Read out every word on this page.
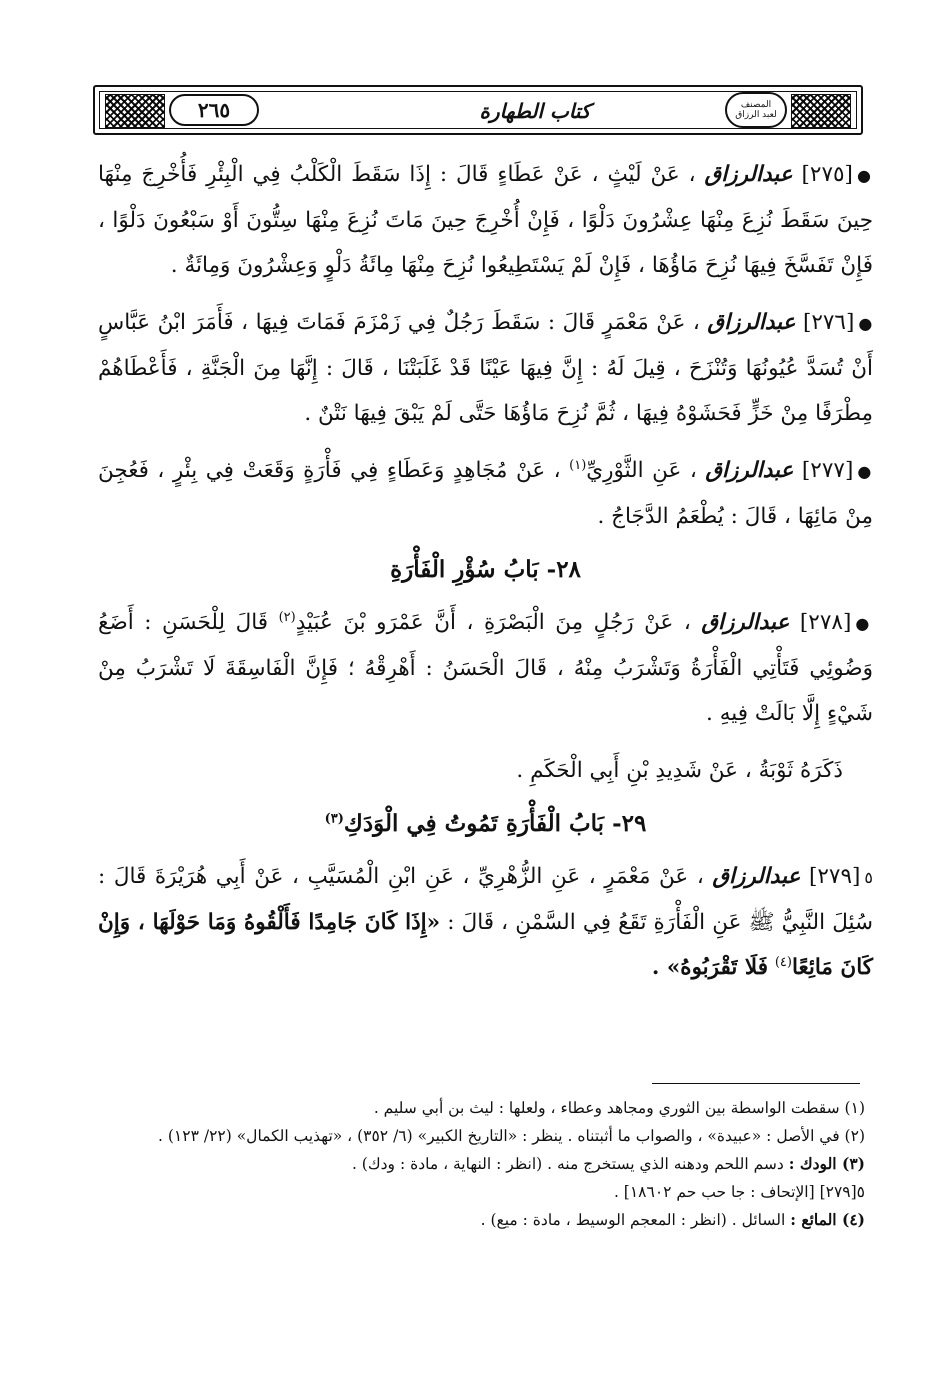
٢٦٥	كتاب الطهارة	المصنف
لعبد الرزاق

●[٢٧٥] عبدالرزاق ، عَنْ لَيْثٍ ، عَنْ عَطَاءٍ قَالَ : إِذَا سَقَطَ الْكَلْبُ فِي الْبِئْرِ فَأُخْرِجَ مِنْهَا حِينَ سَقَطَ نُزِعَ مِنْهَا عِشْرُونَ دَلْوًا ، فَإِنْ أُخْرِجَ حِينَ مَاتَ نُزِعَ مِنْهَا سِتُّونَ أَوْ سَبْعُونَ دَلْوًا ، فَإِنْ تَفَسَّخَ فِيهَا نُزِحَ مَاؤُهَا ، فَإِنْ لَمْ يَسْتَطِيعُوا نُزِحَ مِنْهَا مِائَةُ دَلْوٍ وَعِشْرُونَ وَمِائَةٌ .

●[٢٧٦] عبدالرزاق ، عَنْ مَعْمَرٍ قَالَ : سَقَطَ رَجُلٌ فِي زَمْزَمَ فَمَاتَ فِيهَا ، فَأَمَرَ ابْنُ عَبَّاسٍ أَنْ تُسَدَّ عُيُونُهَا وَتُنْزَحَ ، قِيلَ لَهُ : إِنَّ فِيهَا عَيْنًا قَدْ غَلَبَتْنَا ، قَالَ : إِنَّهَا مِنَ الْجَنَّةِ ، فَأَعْطَاهُمْ مِطْرَفًا مِنْ خَزٍّ فَحَشَوْهُ فِيهَا ، ثُمَّ نُزِحَ مَاؤُهَا حَتَّى لَمْ يَبْقَ فِيهَا نَتْنٌ .

●[٢٧٧] عبدالرزاق ، عَنِ الثَّوْرِيِّ$^{(١)}$ ، عَنْ مُجَاهِدٍ وَعَطَاءٍ فِي فَأْرَةٍ وَقَعَتْ فِي بِئْرٍ ، فَعُجِنَ مِنْ مَائِهَا ، قَالَ : يُطْعَمُ الدَّجَاجُ .

٢٨- بَابُ سُؤْرِ الْفَأْرَةِ

●[٢٧٨] عبدالرزاق ، عَنْ رَجُلٍ مِنَ الْبَصْرَةِ ، أَنَّ عَمْرَو بْنَ عُبَيْدٍ$^{(٢)}$ قَالَ لِلْحَسَنِ : أَضَعُ وَضُوئِي فَتَأْتِي الْفَأْرَةُ وَتَشْرَبُ مِنْهُ ، قَالَ الْحَسَنُ : أَهْرِقْهُ ؛ فَإِنَّ الْفَاسِقَةَ لَا تَشْرَبُ مِنْ شَيْءٍ إِلَّا بَالَتْ فِيهِ .

ذَكَرَهُ ثَوْبَةُ ، عَنْ شَدِيدِ بْنِ أَبِي الْحَكَمِ .

٢٩- بَابُ الْفَأْرَةِ تَمُوتُ فِي الْوَدَكِ$^{(٣)}$

٥[٢٧٩] عبدالرزاق ، عَنْ مَعْمَرٍ ، عَنِ الزُّهْرِيِّ ، عَنِ ابْنِ الْمُسَيَّبِ ، عَنْ أَبِي هُرَيْرَةَ قَالَ : سُئِلَ النَّبِيُّ ﷺ عَنِ الْفَأْرَةِ تَقَعُ فِي السَّمْنِ ، قَالَ : «إِذَا كَانَ جَامِدًا فَأَلْقُوهُ وَمَا حَوْلَهَا ، وَإِنْ كَانَ مَائِعًا$^{(٤)}$ فَلَا تَقْرَبُوهُ» .

(١) سقطت الواسطة بين الثوري ومجاهد وعطاء ، ولعلها : ليث بن أبي سليم .

(٢) في الأصل : «عبيدة» ، والصواب ما أثبتناه . ينظر : «التاريخ الكبير» (٦/ ٣٥٢) ، «تهذيب الكمال» (٢٢/ ١٢٣) .

(٣) الودك : دسم اللحم ودهنه الذي يستخرج منه . (انظر : النهاية ، مادة : ودك) .

٥[٢٧٩] [الإتحاف : جا حب حم ١٨٦٠٢] .

(٤) المائع : السائل . (انظر : المعجم الوسيط ، مادة : ميع) .
